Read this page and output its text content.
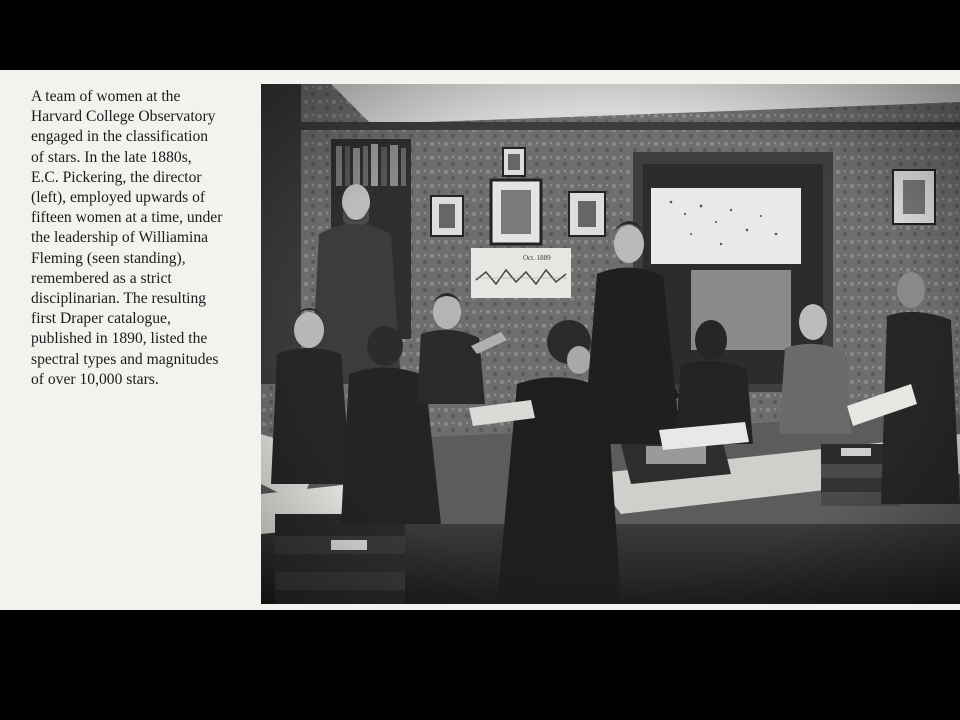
A team of women at the
Harvard College Observatory
engaged in the classification
of stars. In the late 1880s,
E.C. Pickering, the director
(left), employed upwards of
fifteen women at a time, under
the leadership of Williamina
Fleming (seen standing),
remembered as a strict
disciplinarian. The resulting
first Draper catalogue,
published in 1890, listed the
spectral types and magnitudes
of over 10,000 stars.
